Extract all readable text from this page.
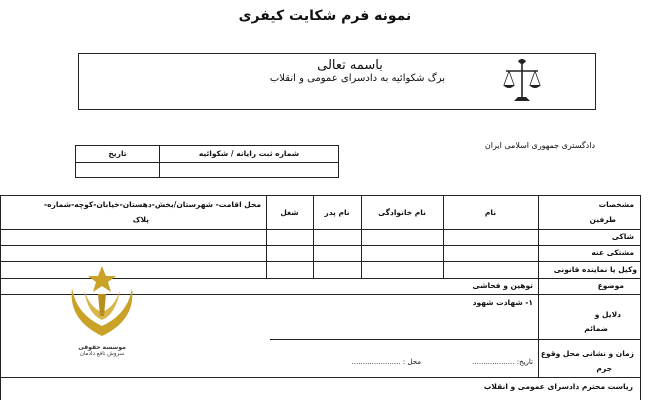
نمونه فرم شکایت کیفری
باسمه تعالی
برگ شکوائیه به دادسرای عمومی و انقلاب
شماره ثبت رایانه / شکوائیه
تاریخ
دادگستری جمهوری اسلامی ایران
مشخصات
طرفین
نام
نام خانوادگی
نام پدر
شغل
محل اقامت- شهرستان/بخش-دهستان-خیابان-کوچه-شماره-
پلاک
شاکی
مشتکی عنه
وکیل یا نماینده قانونی
موضوع
توهین و فحاشی
دلایل و
ضمائم
۱- شهادت شهود
زمان و نشانی محل وقوع
جرم
تاریخ: ...................
محل : ......................
ریاست محترم دادسرای عمومی و انقلاب
موسسه حقوقی
سروش نافع دادمان
